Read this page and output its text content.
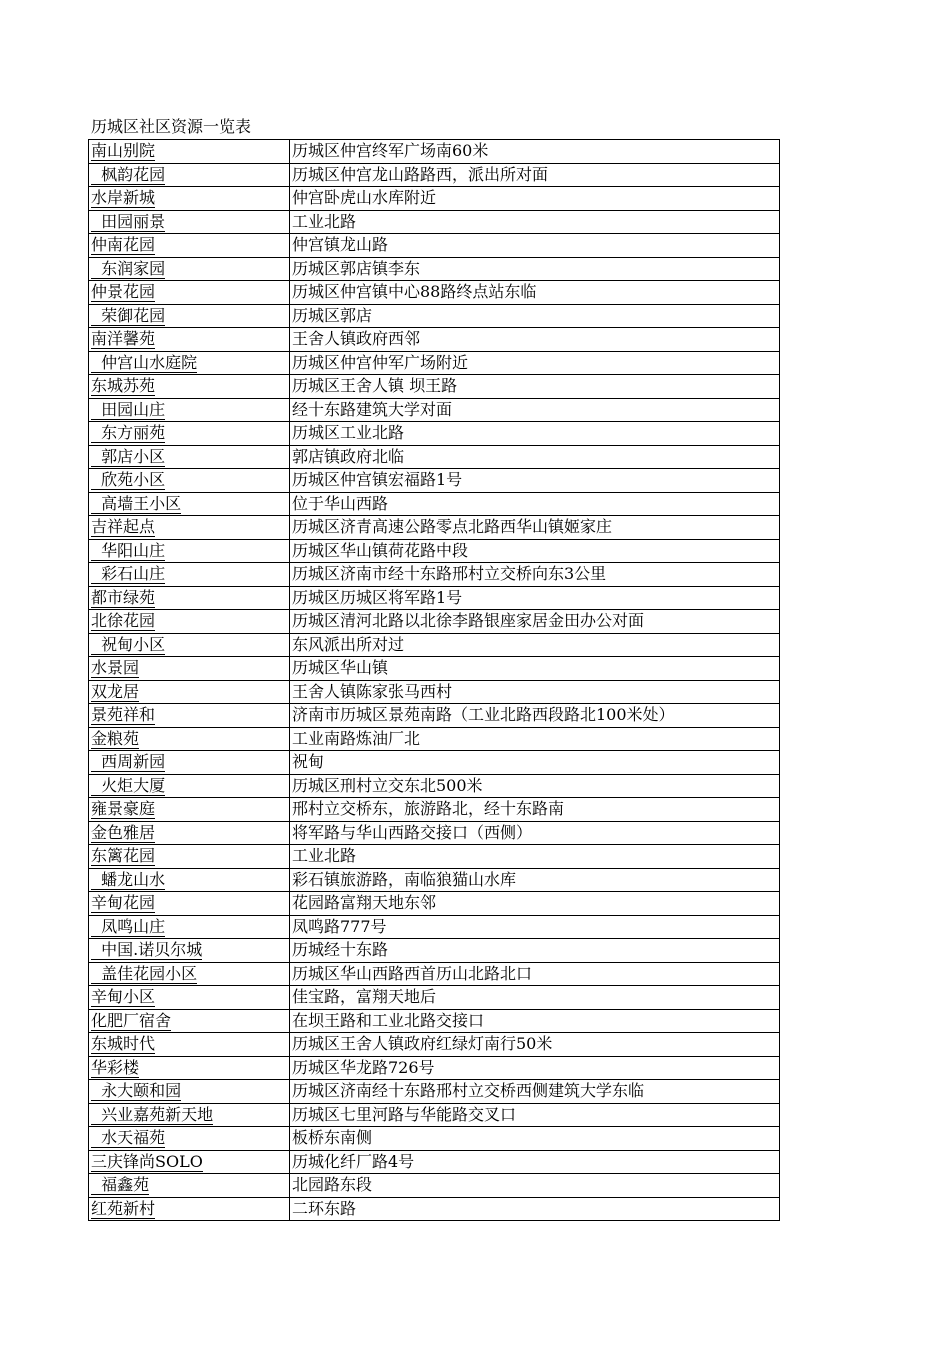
历城区社区资源一览表
南山别院	历城区仲宫终军广场南60米
枫韵花园	历城区仲宫龙山路路西，派出所对面
水岸新城	仲宫卧虎山水库附近
田园丽景	工业北路
仲南花园	仲宫镇龙山路
东润家园	历城区郭店镇李东
仲景花园	历城区仲宫镇中心88路终点站东临
荣御花园	历城区郭店
南洋馨苑	王舍人镇政府西邻
仲宫山水庭院	历城区仲宫仲军广场附近
东城苏苑	历城区王舍人镇 坝王路
田园山庄	经十东路建筑大学对面
东方丽苑	历城区工业北路
郭店小区	郭店镇政府北临
欣苑小区	历城区仲宫镇宏福路1号
高墙王小区	位于华山西路
吉祥起点	历城区济青高速公路零点北路西华山镇姬家庄
华阳山庄	历城区华山镇荷花路中段
彩石山庄	历城区济南市经十东路邢村立交桥向东3公里
都市绿苑	历城区历城区将军路1号
北徐花园	历城区清河北路以北徐李路银座家居金田办公对面
祝甸小区	东风派出所对过
水景园	历城区华山镇
双龙居	王舍人镇陈家张马西村
景苑祥和	济南市历城区景苑南路（工业北路西段路北100米处）
金粮苑	工业南路炼油厂北
西周新园	祝甸
火炬大厦	历城区刑村立交东北500米
雍景豪庭	邢村立交桥东，旅游路北，经十东路南
金色雅居	将军路与华山西路交接口（西侧）
东篱花园	工业北路
蟠龙山水	彩石镇旅游路，南临狼猫山水库
辛甸花园	花园路富翔天地东邻
凤鸣山庄	凤鸣路777号
中国.诺贝尔城	历城经十东路
盖佳花园小区	历城区华山西路西首历山北路北口
辛甸小区	佳宝路，富翔天地后
化肥厂宿舍	在坝王路和工业北路交接口
东城时代	历城区王舍人镇政府红绿灯南行50米
华彩楼	历城区华龙路726号
永大颐和园	历城区济南经十东路邢村立交桥西侧建筑大学东临
兴业嘉苑新天地	历城区七里河路与华能路交叉口
水天福苑	板桥东南侧
三庆锋尚SOLO	历城化纤厂路4号
福鑫苑	北园路东段
红苑新村	二环东路
